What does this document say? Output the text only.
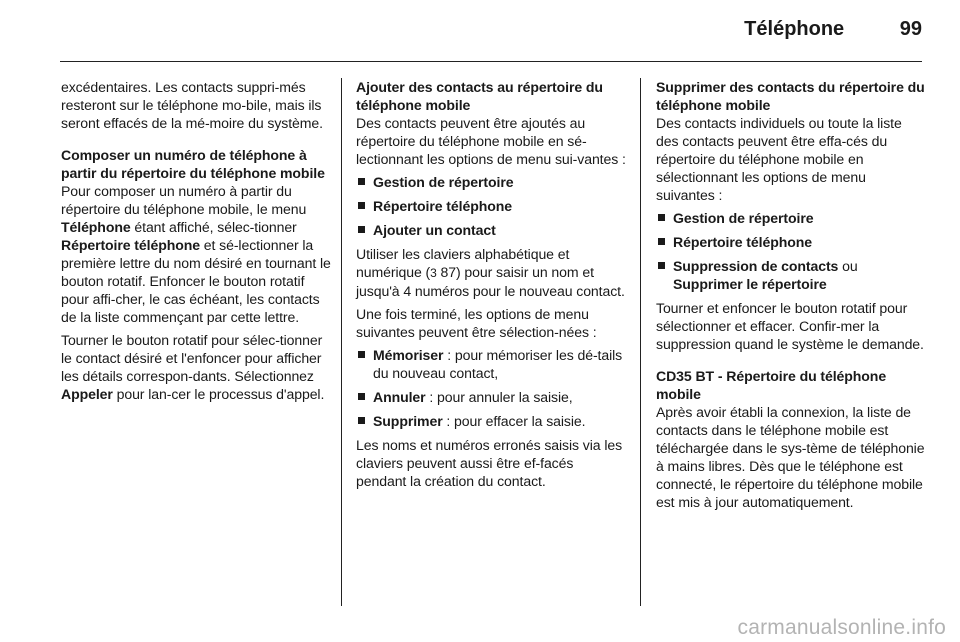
Téléphone	99

excédentaires. Les contacts suppri-més resteront sur le téléphone mo-bile, mais ils seront effacés de la mé-moire du système.

Composer un numéro de téléphone à partir du répertoire du téléphone mobile

Pour composer un numéro à partir du répertoire du téléphone mobile, le menu Téléphone étant affiché, sélec-tionner Répertoire téléphone et sé-lectionner la première lettre du nom désiré en tournant le bouton rotatif. Enfoncer le bouton rotatif pour affi-cher, le cas échéant, les contacts de la liste commençant par cette lettre.

Tourner le bouton rotatif pour sélec-tionner le contact désiré et l'enfoncer pour afficher les détails correspon-dants. Sélectionnez Appeler pour lan-cer le processus d'appel.

Ajouter des contacts au répertoire du téléphone mobile

Des contacts peuvent être ajoutés au répertoire du téléphone mobile en sé-lectionnant les options de menu sui-vantes :

Gestion de répertoire
Répertoire téléphone
Ajouter un contact

Utiliser les claviers alphabétique et numérique (3 87) pour saisir un nom et jusqu'à 4 numéros pour le nouveau contact.

Une fois terminé, les options de menu suivantes peuvent être sélection-nées :

Mémoriser : pour mémoriser les dé-tails du nouveau contact,
Annuler : pour annuler la saisie,
Supprimer : pour effacer la saisie.

Les noms et numéros erronés saisis via les claviers peuvent aussi être ef-facés pendant la création du contact.

Supprimer des contacts du répertoire du téléphone mobile

Des contacts individuels ou toute la liste des contacts peuvent être effa-cés du répertoire du téléphone mobile en sélectionnant les options de menu suivantes :

Gestion de répertoire
Répertoire téléphone
Suppression de contacts ou
Supprimer le répertoire

Tourner et enfoncer le bouton rotatif pour sélectionner et effacer. Confir-mer la suppression quand le système le demande.

CD35 BT - Répertoire du téléphone mobile

Après avoir établi la connexion, la liste de contacts dans le téléphone mobile est téléchargée dans le sys-tème de téléphonie à mains libres. Dès que le téléphone est connecté, le répertoire du téléphone mobile est mis à jour automatiquement.

carmanualsonline.info
